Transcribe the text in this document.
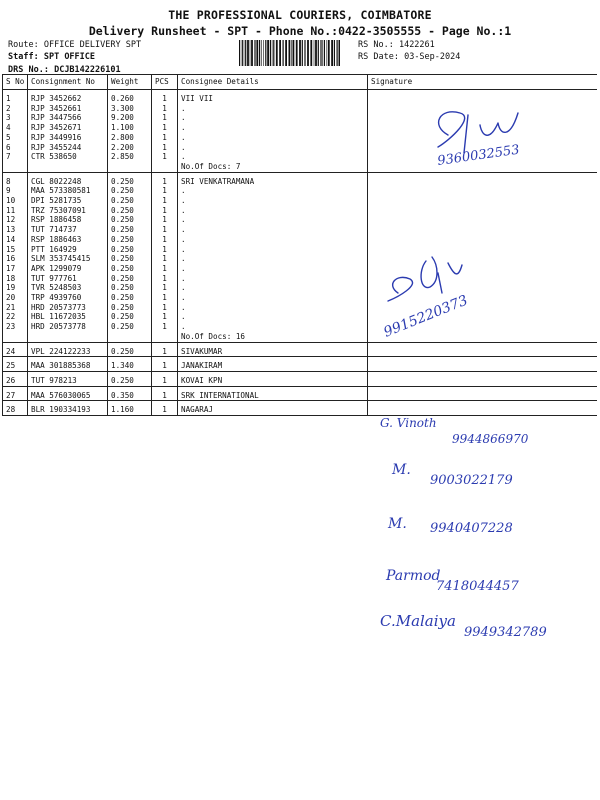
THE PROFESSIONAL COURIERS, COIMBATORE
Delivery Runsheet - SPT - Phone No.:0422-3505555 - Page No.:1
Route: OFFICE DELIVERY SPT
Staff: SPT OFFICE
DRS No.: DCJB142226101
RS No.: 1422261
RS Date: 03-Sep-2024
S No	Consignment No	Weight	PCS	Consignee Details	Signature
1	RJP 3452662	0.260	1	VII VII	

2	RJP 3452661	3.300	1	.	
3	RJP 3447566	9.200	1	.	
4	RJP 3452671	1.100	1	.	
5	RJP 3449916	2.800	1	.	
6	RJP 3455244	2.200	1	.	
7	CTR 538650	2.850	1	.	
				No.Of Docs: 7	
8	CGL 8022248	0.250	1	SRI VENKATRAMANA	

9	MAA 573380581	0.250	1	.	
10	DPI 5281735	0.250	1	.	
11	TRZ 75307091	0.250	1	.	
12	RSP 1886458	0.250	1	.	
13	TUT 714737	0.250	1	.	
14	RSP 1886463	0.250	1	.	
15	PTT 164929	0.250	1	.	
16	SLM 353745415	0.250	1	.	
17	APK 1299079	0.250	1	.	
18	TUT 977761	0.250	1	.	
19	TVR 5248503	0.250	1	.	
20	TRP 4939760	0.250	1	.	
21	HRD 20573773	0.250	1	.	
22	HBL 11672035	0.250	1	.	
23	HRD 20573778	0.250	1	.	
				No.Of Docs: 16	
24	VPL 224122233	0.250	1	SIVAKUMAR	

25	MAA 301885368	1.340	1	JANAKIRAM	

26	TUT 978213	0.250	1	KOVAI KPN	

27	MAA 576030065	0.350	1	SRK INTERNATIONAL	

28	BLR 190334193	1.160	1	NAGARAJ	

9360032553
9915220373
G. Vinoth
9944866970
M.
9003022179
M. 9940407228
Parmod
7418044457
C.Malaiya
9949342789
